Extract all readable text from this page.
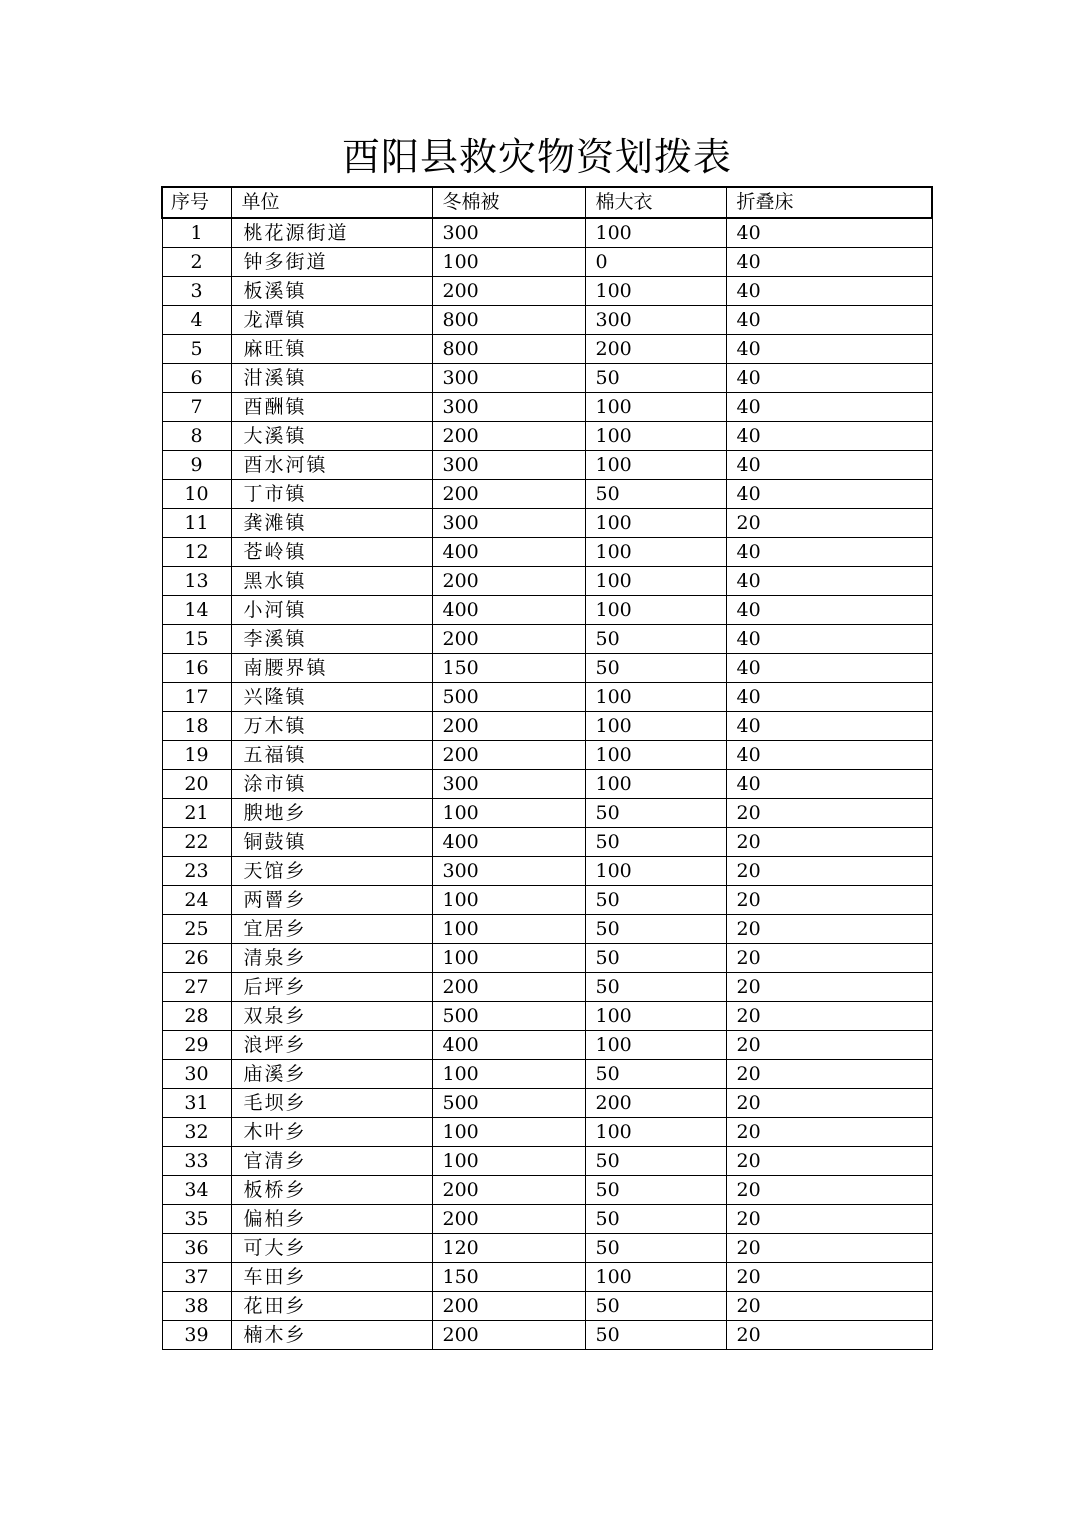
酉阳县救灾物资划拨表
序号	单位	冬棉被	棉大衣	折叠床
1	桃花源街道	300	100	40
2	钟多街道	100	0	40
3	板溪镇	200	100	40
4	龙潭镇	800	300	40
5	麻旺镇	800	200	40
6	泔溪镇	300	50	40
7	酉酬镇	300	100	40
8	大溪镇	200	100	40
9	酉水河镇	300	100	40
10	丁市镇	200	50	40
11	龚滩镇	300	100	20
12	苍岭镇	400	100	40
13	黑水镇	200	100	40
14	小河镇	400	100	40
15	李溪镇	200	50	40
16	南腰界镇	150	50	40
17	兴隆镇	500	100	40
18	万木镇	200	100	40
19	五福镇	200	100	40
20	涂市镇	300	100	40
21	腴地乡	100	50	20
22	铜鼓镇	400	50	20
23	天馆乡	300	100	20
24	两罾乡	100	50	20
25	宜居乡	100	50	20
26	清泉乡	100	50	20
27	后坪乡	200	50	20
28	双泉乡	500	100	20
29	浪坪乡	400	100	20
30	庙溪乡	100	50	20
31	毛坝乡	500	200	20
32	木叶乡	100	100	20
33	官清乡	100	50	20
34	板桥乡	200	50	20
35	偏柏乡	200	50	20
36	可大乡	120	50	20
37	车田乡	150	100	20
38	花田乡	200	50	20
39	楠木乡	200	50	20
